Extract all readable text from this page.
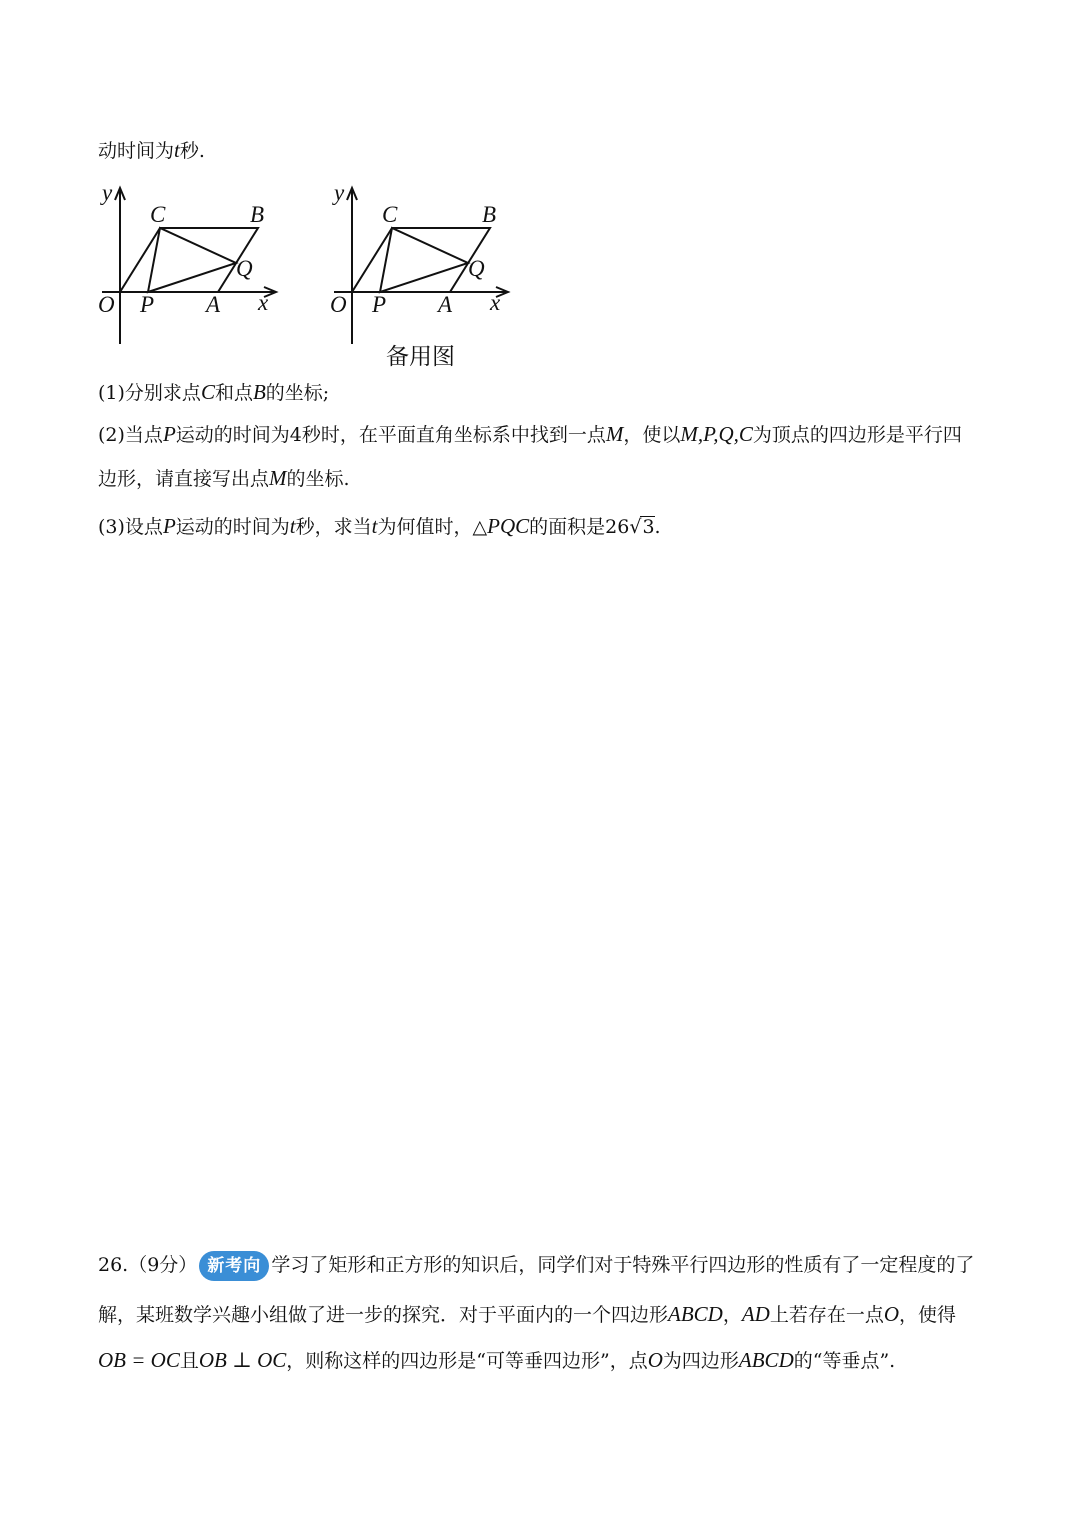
动时间为t秒.
y
O P A x
C	B
Q
y
O P A x
C	B
Q
备用图
(1)分别求点C和点B的坐标;
(2)当点P运动的时间为4秒时，在平面直角坐标系中找到一点M，使以M,P,Q,C为顶点的四边形是平行四
边形，请直接写出点M的坐标.
(3)设点P运动的时间为t秒，求当t为何值时，△PQC的面积是26√3.
26.（9分） 新考向 学习了矩形和正方形的知识后，同学们对于特殊平行四边形的性质有了一定程度的了
解，某班数学兴趣小组做了进一步的探究．对于平面内的一个四边形ABCD，AD上若存在一点O，使得
OB = OC且OB ⊥ OC，则称这样的四边形是“可等垂四边形”，点O为四边形ABCD的“等垂点”.
